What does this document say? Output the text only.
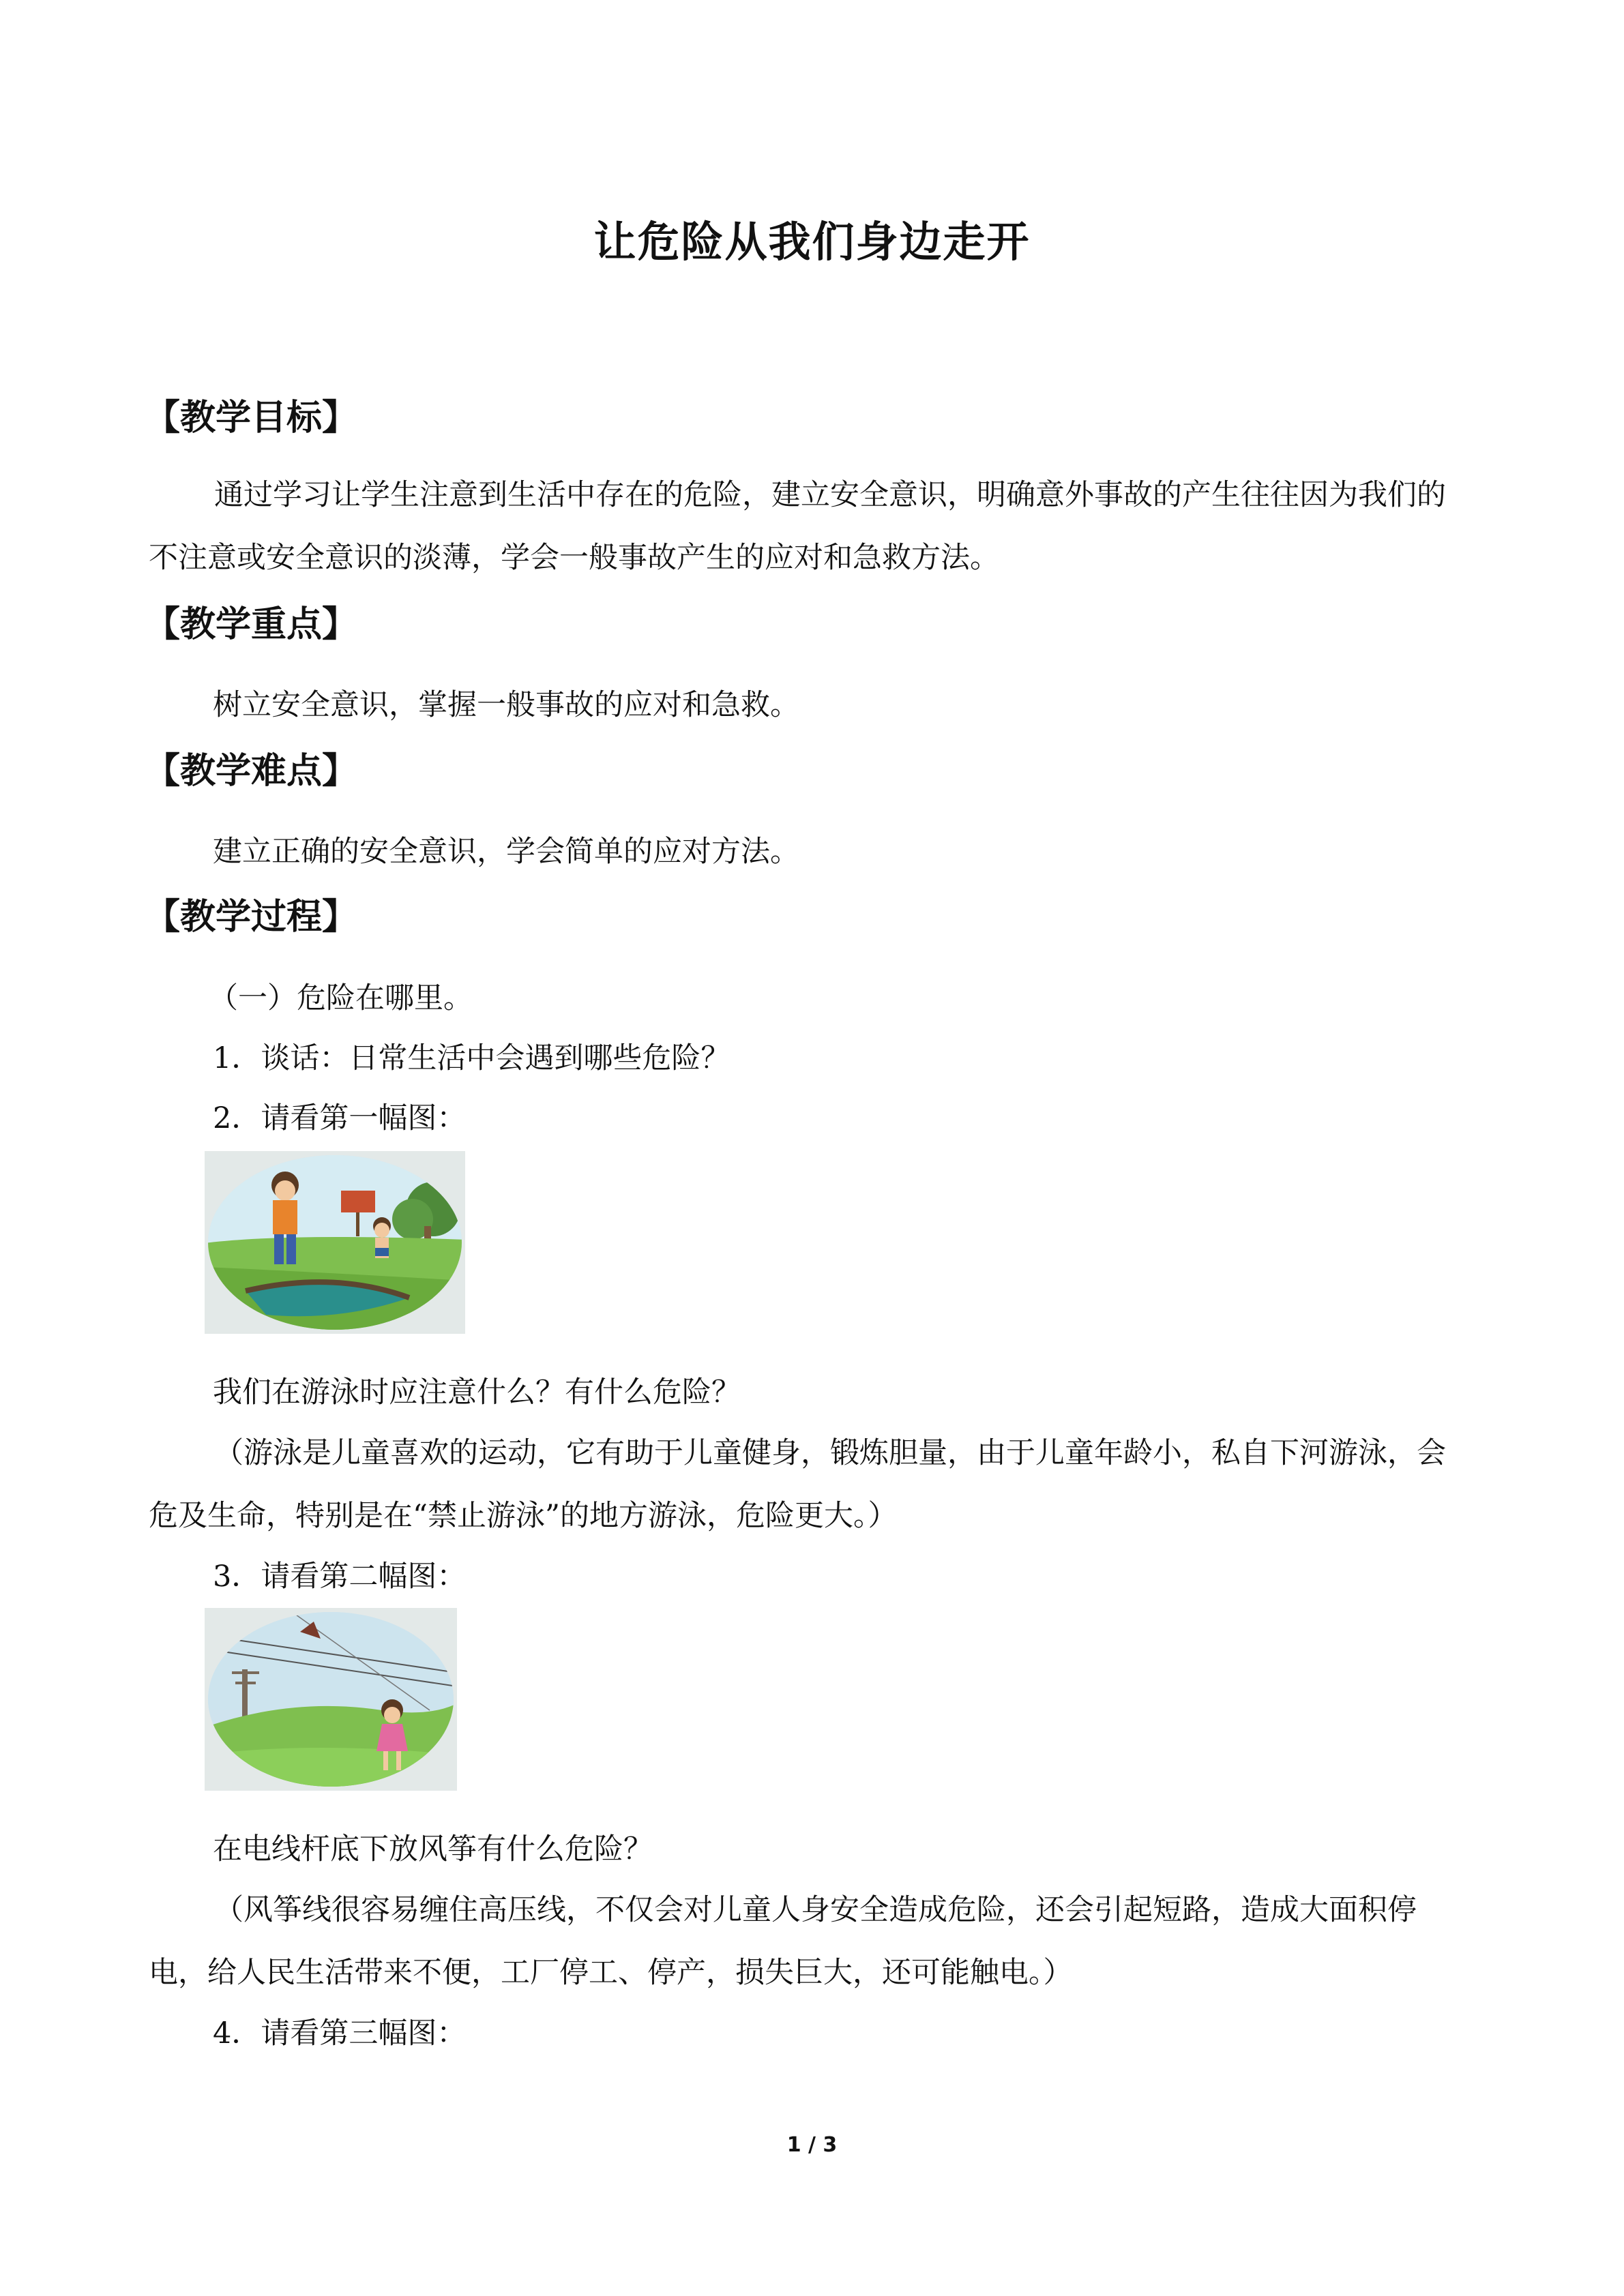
让危险从我们身边走开
【教学目标】
通过学习让学生注意到生活中存在的危险，建立安全意识，明确意外事故的产生往往因为我们的不注意或安全意识的淡薄，学会一般事故产生的应对和急救方法。
【教学重点】
树立安全意识，掌握一般事故的应对和急救。
【教学难点】
建立正确的安全意识，学会简单的应对方法。
【教学过程】
（一）危险在哪里。
1．谈话：日常生活中会遇到哪些危险？
2．请看第一幅图：
我们在游泳时应注意什么？有什么危险？
（游泳是儿童喜欢的运动，它有助于儿童健身，锻炼胆量，由于儿童年龄小，私自下河游泳，会危及生命，特别是在“禁止游泳”的地方游泳，危险更大。）
3．请看第二幅图：
在电线杆底下放风筝有什么危险？
（风筝线很容易缠住高压线，不仅会对儿童人身安全造成危险，还会引起短路，造成大面积停电，给人民生活带来不便，工厂停工、停产，损失巨大，还可能触电。）
4．请看第三幅图：
1 / 3
